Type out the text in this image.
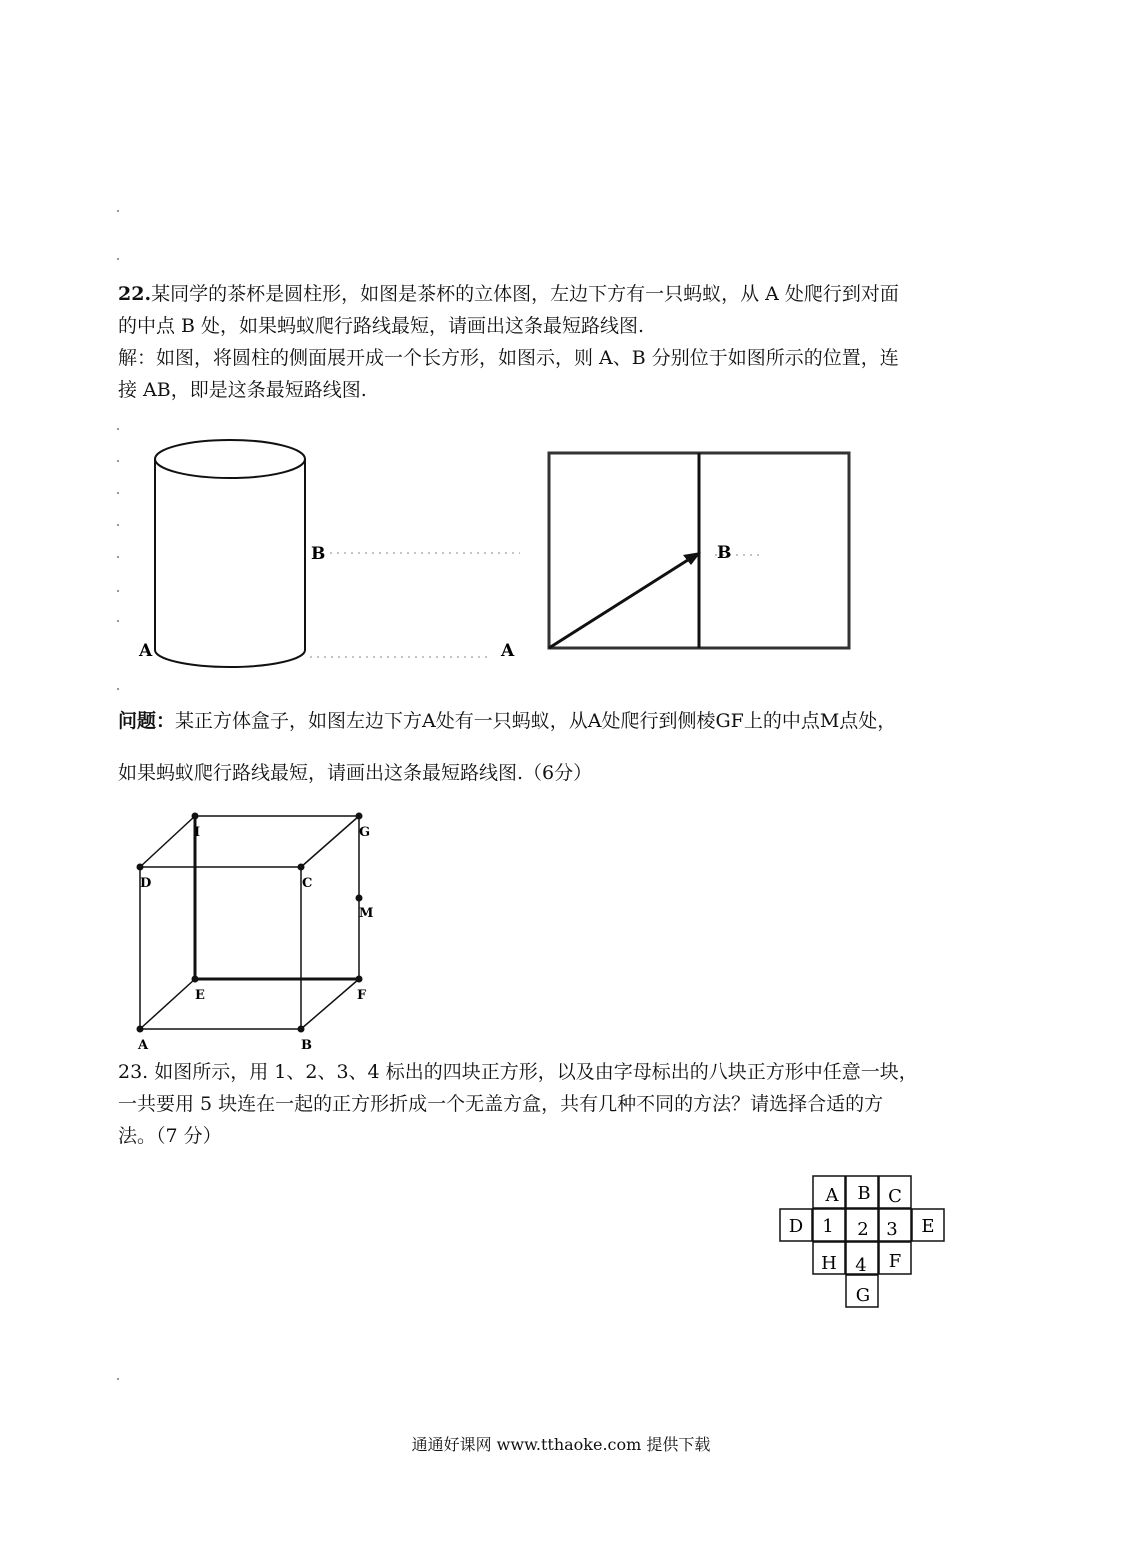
22.某同学的茶杯是圆柱形，如图是茶杯的立体图，左边下方有一只蚂蚁，从 A 处爬行到对面

的中点 B 处，如果蚂蚁爬行路线最短，请画出这条最短路线图.

解：如图，将圆柱的侧面展开成一个长方形，如图示，则 A、B 分别位于如图所示的位置，连

接 AB，即是这条最短路线图.

B
A
B
A

问题：某正方体盒子，如图左边下方A处有一只蚂蚁，从A处爬行到侧棱GF上的中点M点处，

如果蚂蚁爬行路线最短，请画出这条最短路线图.（6分）

I	G
D	C
M
E	F
A	B

23. 如图所示，用 1、2、3、4 标出的四块正方形，以及由字母标出的八块正方形中任意一块，

一共要用 5 块连在一起的正方形折成一个无盖方盒，共有几种不同的方法？请选择合适的方

法。（7 分）

A B C
D 1 2 3 E
H 4 F
G
通通好课网 www.tthaoke.com 提供下载
